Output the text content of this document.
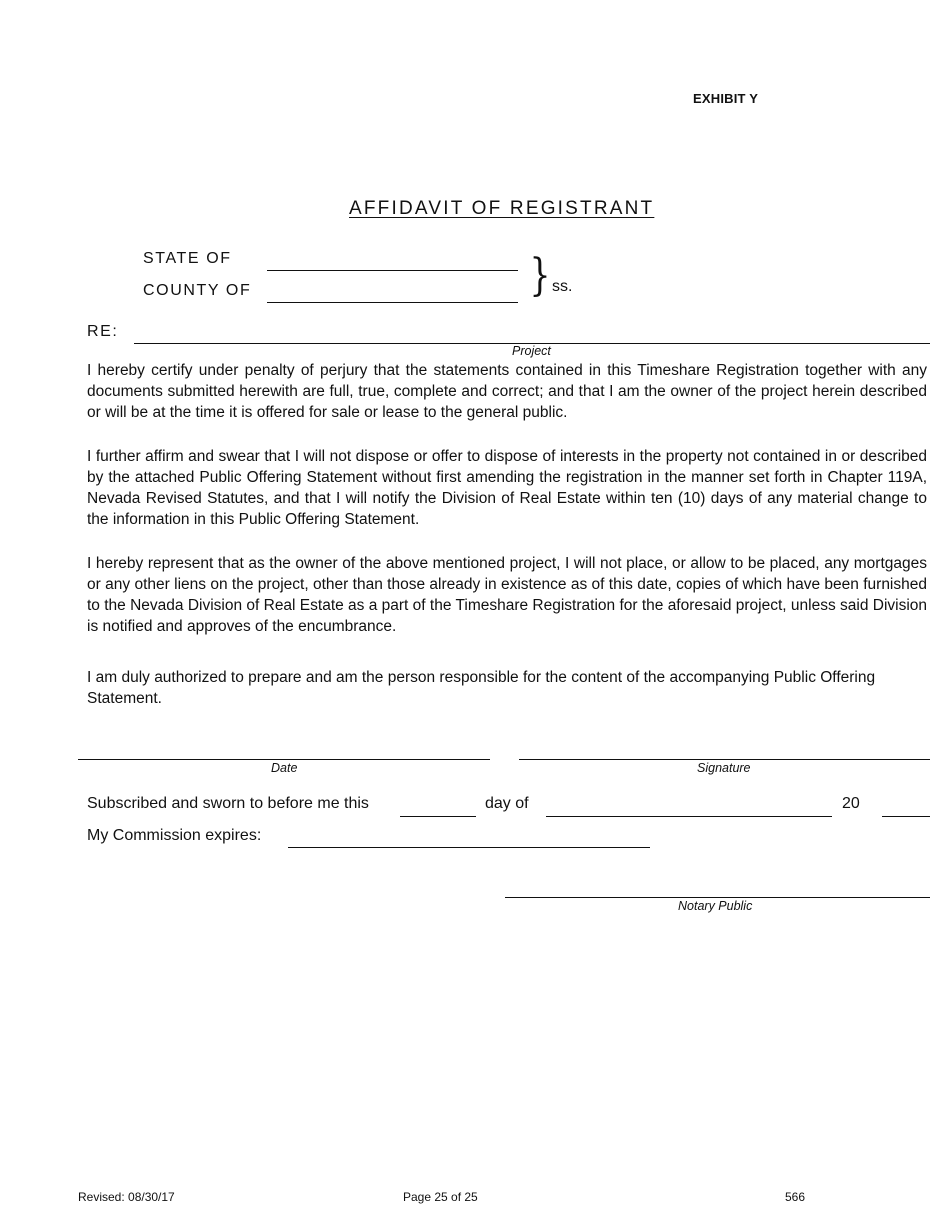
EXHIBIT Y
AFFIDAVIT OF REGISTRANT
STATE OF
COUNTY OF	} ss.
RE:
Project

I hereby certify under penalty of perjury that the statements contained in this Timeshare Registration together with any documents submitted herewith are full, true, complete and correct; and that I am the owner of the project herein described or will be at the time it is offered for sale or lease to the general public.

I further affirm and swear that I will not dispose or offer to dispose of interests in the property not contained in or described by the attached Public Offering Statement without first amending the registration in the manner set forth in Chapter 119A, Nevada Revised Statutes, and that I will notify the Division of Real Estate within ten (10) days of any material change to the information in this Public Offering Statement.

I hereby represent that as the owner of the above mentioned project, I will not place, or allow to be placed, any mortgages or any other liens on the project, other than those already in existence as of this date, copies of which have been furnished to the Nevada Division of Real Estate as a part of the Timeshare Registration for the aforesaid project, unless said Division is notified and approves of the encumbrance.

I am duly authorized to prepare and am the person responsible for the content of the accompanying Public Offering Statement.

Date	Signature
Subscribed and sworn to before me this	day of	20
My Commission expires:
Notary Public
Revised: 08/30/17	Page 25 of 25	566
